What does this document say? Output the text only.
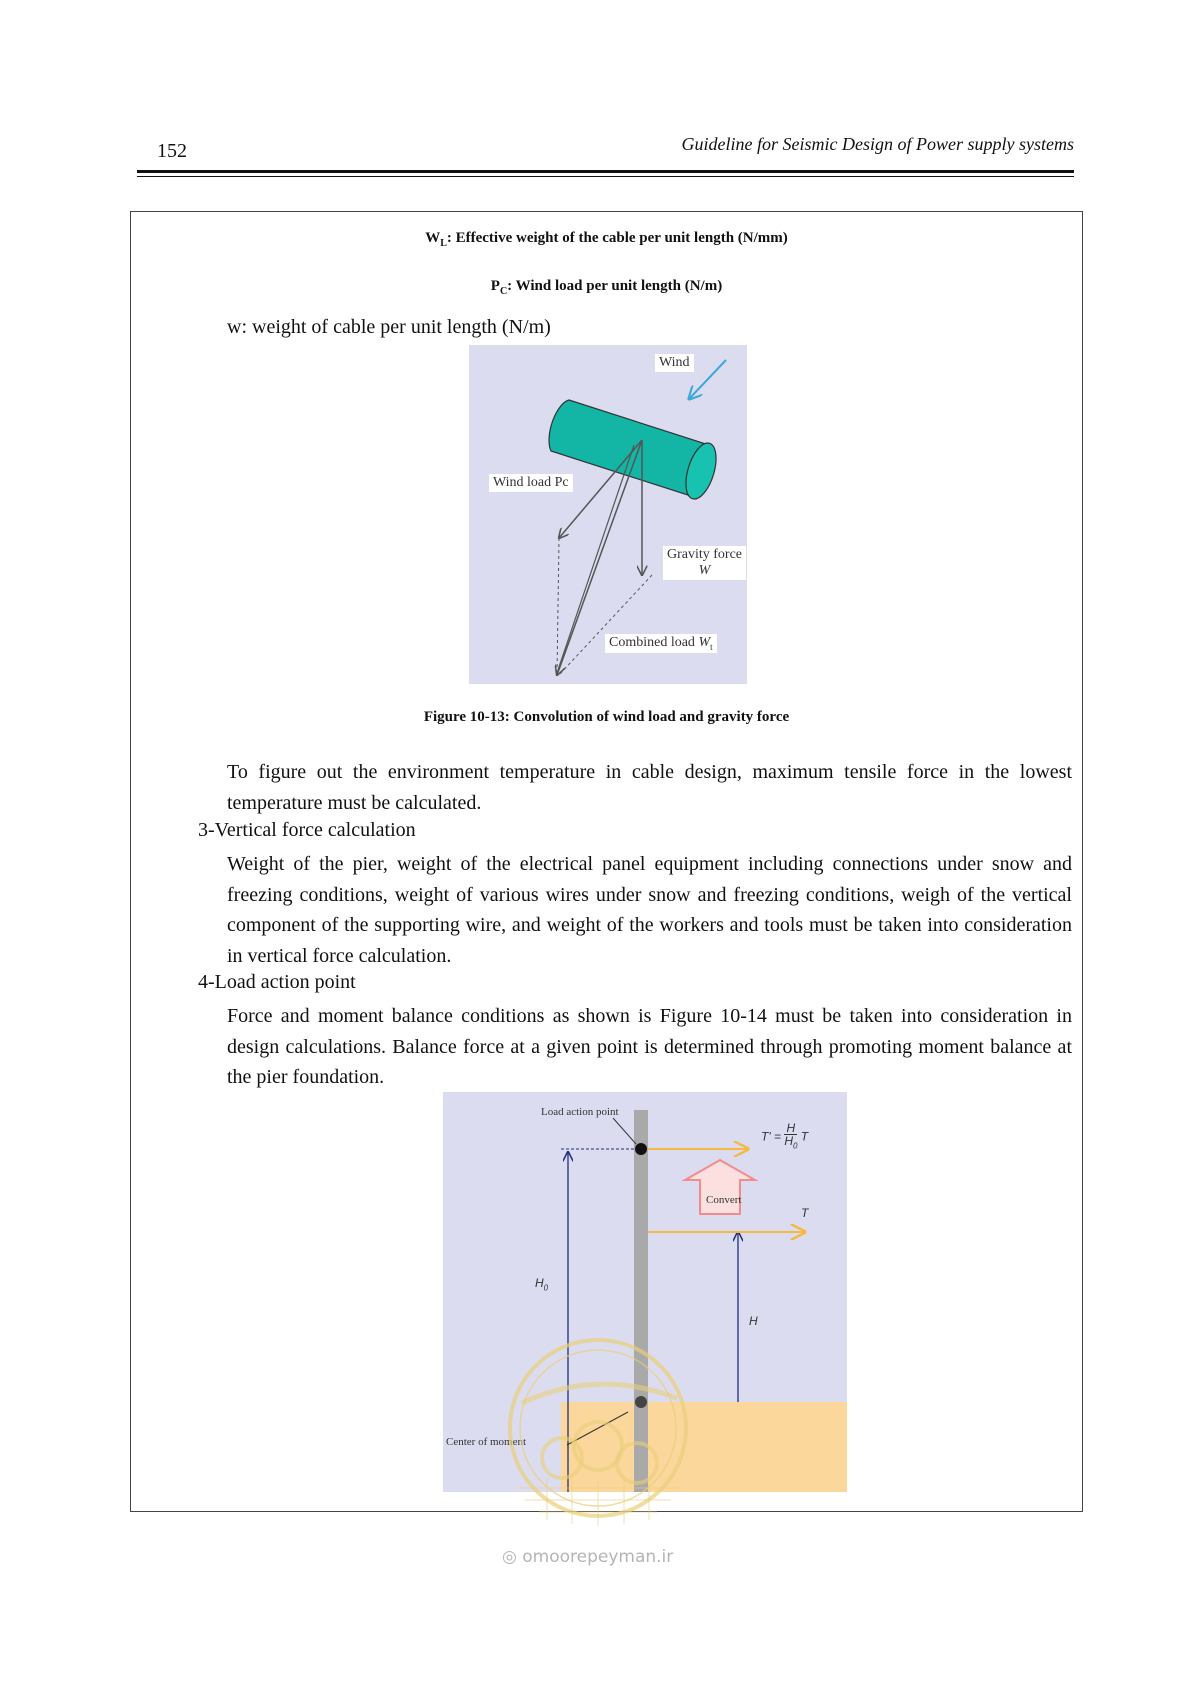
152	Guideline for Seismic Design of Power supply systems
$W_L$: Effective weight of the cable per unit length (N/mm)
$P_C$: Wind load per unit length (N/m)
w: weight of cable per unit length (N/m)
Wind
Wind load Pc
Gravity force
W
Combined load $W_t$
Figure 10-13: Convolution of wind load and gravity force
To figure out the environment temperature in cable design, maximum tensile force in the lowest temperature must be calculated.
3-Vertical force calculation
Weight of the pier, weight of the electrical panel equipment including connections under snow and freezing conditions, weight of various wires under snow and freezing conditions, weigh of the vertical component of the supporting wire, and weight of the workers and tools must be taken into consideration in vertical force calculation.
4-Load action point
Force and moment balance conditions as shown is Figure 10-14 must be taken into consideration in design calculations. Balance force at a given point is determined through promoting moment balance at the pier foundation.
Load action point
Convert
Center of moment
$T' = \frac{H}{H_0}$ T
T
$H_0$
H
◎ omoorepeyman.ir
